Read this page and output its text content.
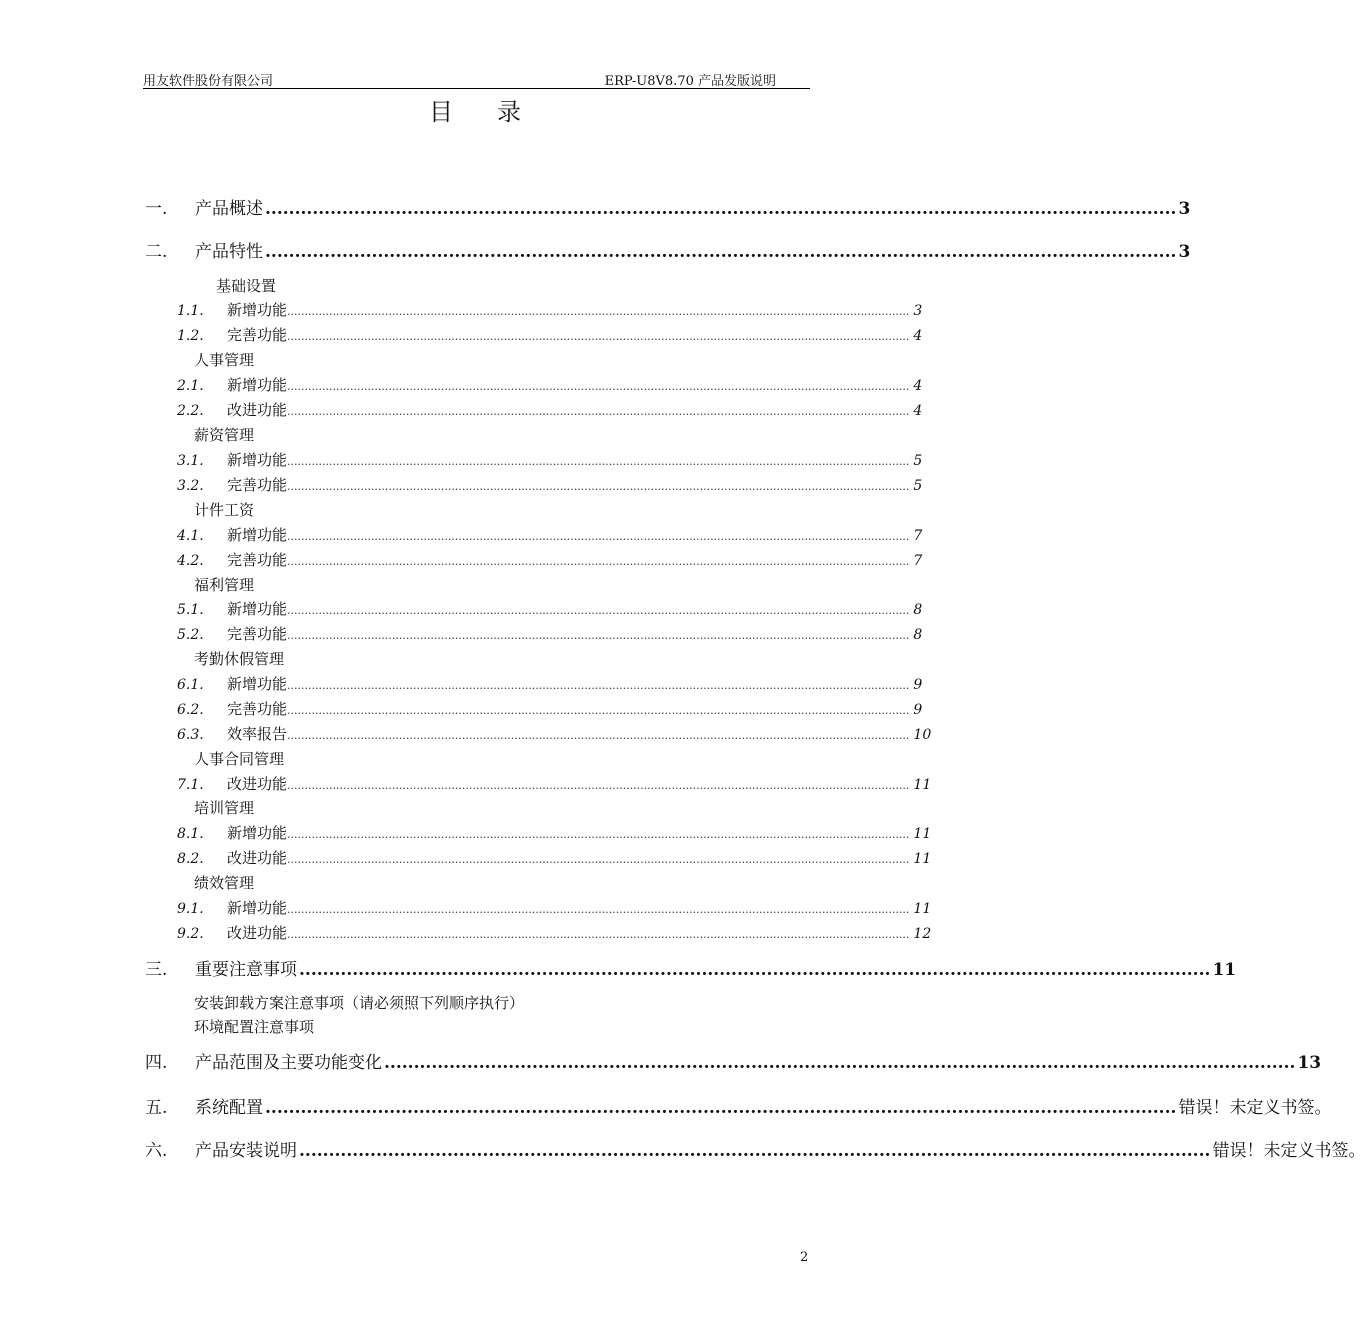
用友软件股份有限公司	ERP-U8V8.70 产品发版说明
目录
一.	产品概述 .......................................................................................................................................................... 3
二.	产品特性 .......................................................................................................................................................... 3
基础设置
1.1.	新增功能 .................................................................................................................................................................................. 3
1.2.	完善功能 .................................................................................................................................................................................. 4
人事管理
2.1.	新增功能 .................................................................................................................................................................................. 4
2.2.	改进功能 .................................................................................................................................................................................. 4
薪资管理
3.1.	新增功能 .................................................................................................................................................................................. 5
3.2.	完善功能 .................................................................................................................................................................................. 5
计件工资
4.1.	新增功能 .................................................................................................................................................................................. 7
4.2.	完善功能 .................................................................................................................................................................................. 7
福利管理
5.1.	新增功能 .................................................................................................................................................................................. 8
5.2.	完善功能 .................................................................................................................................................................................. 8
考勤休假管理
6.1.	新增功能 .................................................................................................................................................................................. 9
6.2.	完善功能 .................................................................................................................................................................................. 9
6.3.	效率报告 .................................................................................................................................................................................. 10
人事合同管理
7.1.	改进功能 .................................................................................................................................................................................. 11
培训管理
8.1.	新增功能 .................................................................................................................................................................................. 11
8.2.	改进功能 .................................................................................................................................................................................. 11
绩效管理
9.1.	新增功能 .................................................................................................................................................................................. 11
9.2.	改进功能 .................................................................................................................................................................................. 12
三.	重要注意事项 .......................................................................................................................................................... 11
安装卸载方案注意事项（请必须照下列顺序执行）
环境配置注意事项
四.	产品范围及主要功能变化 .......................................................................................................................................................... 13
五.	系统配置 .......................................................................................................................................................... 错误！未定义书签。
六.	产品安装说明 .......................................................................................................................................................... 错误！未定义书签。
2
